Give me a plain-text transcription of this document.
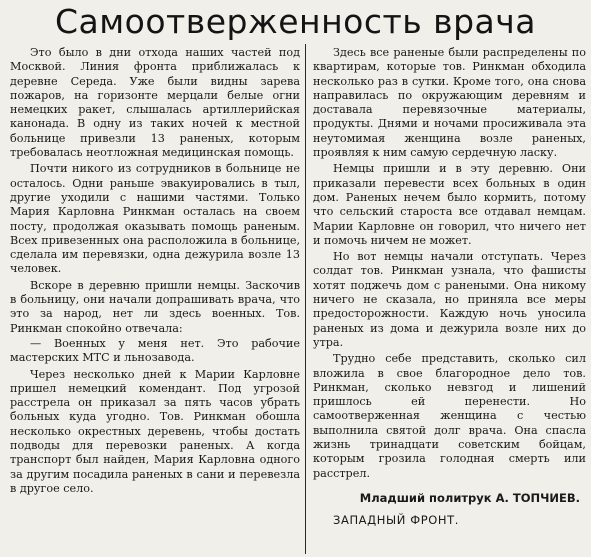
Самоотверженность врача

Это было в дни отхода наших частей под Москвой. Линия фронта приближалась к деревне Середа. Уже были видны зарева пожаров, на горизонте мерцали белые огни немецких ракет, слышалась артиллерийская канонада. В одну из таких ночей к местной больнице привезли 13 раненых, которым требовалась неотложная медицинская помощь.

Почти никого из сотрудников в больнице не осталось. Одни раньше эвакуировались в тыл, другие уходили с нашими частями. Только Мария Карловна Ринкман осталась на своем посту, продолжая оказывать помощь раненым. Всех привезенных она расположила в больнице, сделала им перевязки, одна дежурила возле 13 человек.

Вскоре в деревню пришли немцы. Заскочив в больницу, они начали допрашивать врача, что это за народ, нет ли здесь военных. Тов. Ринкман спокойно отвечала:

— Военных у меня нет. Это рабочие мастерских МТС и льнозавода.

Через несколько дней к Марии Карловне пришел немецкий комендант. Под угрозой расстрела он приказал за пять часов убрать больных куда угодно. Тов. Ринкман обошла несколько окрестных деревень, чтобы достать подводы для перевозки раненых. А когда транспорт был найден, Мария Карловна одного за другим посадила раненых в сани и перевезла в другое село.

Здесь все раненые были распределены по квартирам, которые тов. Ринкман обходила несколько раз в сутки. Кроме того, она снова направилась по окружающим деревням и доставала перевязочные материалы, продукты. Днями и ночами просиживала эта неутомимая женщина возле раненых, проявляя к ним самую сердечную ласку.

Немцы пришли и в эту деревню. Они приказали перевести всех больных в один дом. Раненых нечем было кормить, потому что сельский староста все отдавал немцам. Марии Карловне он говорил, что ничего нет и помочь ничем не может.

Но вот немцы начали отступать. Через солдат тов. Ринкман узнала, что фашисты хотят поджечь дом с ранеными. Она никому ничего не сказала, но приняла все меры предосторожности. Каждую ночь уносила раненых из дома и дежурила возле них до утра.

Трудно себе представить, сколько сил вложила в свое благородное дело тов. Ринкман, сколько невзгод и лишений пришлось ей перенести. Но самоотверженная женщина с честью выполнила святой долг врача. Она спасла жизнь тринадцати советским бойцам, которым грозила голодная смерть или расстрел.

Младший политрук А. ТОПЧИЕВ.
ЗАПАДНЫЙ ФРОНТ.
